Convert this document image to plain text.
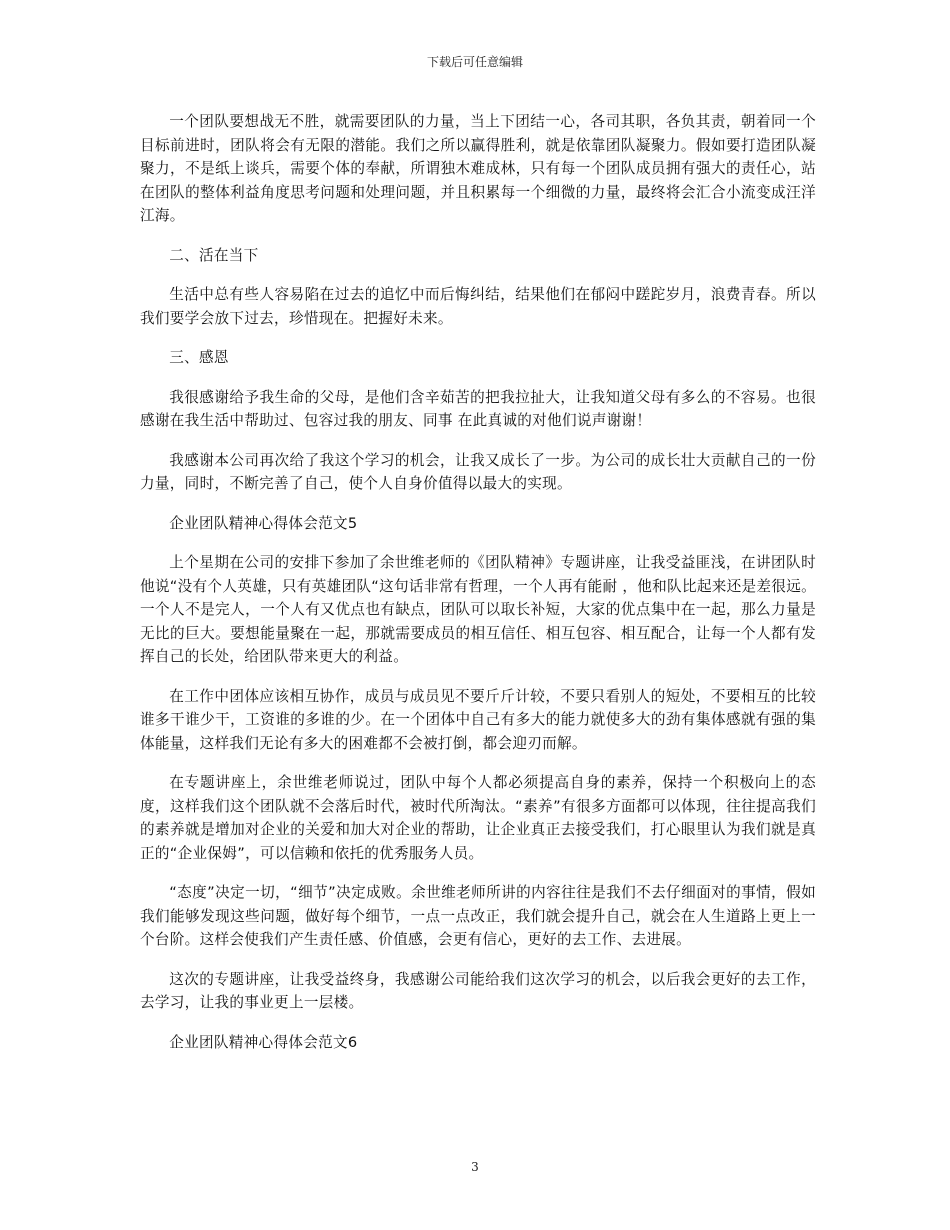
下载后可任意编辑

一个团队要想战无不胜，就需要团队的力量，当上下团结一心，各司其职，各负其责，朝着同一个目标前进时，团队将会有无限的潜能。我们之所以赢得胜利，就是依靠团队凝聚力。假如要打造团队凝聚力，不是纸上谈兵，需要个体的奉献，所谓独木难成林，只有每一个团队成员拥有强大的责任心，站在团队的整体利益角度思考问题和处理问题，并且积累每一个细微的力量，最终将会汇合小流变成汪洋江海。

二、活在当下

生活中总有些人容易陷在过去的追忆中而后悔纠结，结果他们在郁闷中蹉跎岁月，浪费青春。所以我们要学会放下过去，珍惜现在。把握好未来。

三、感恩

我很感谢给予我生命的父母，是他们含辛茹苦的把我拉扯大，让我知道父母有多么的不容易。也很感谢在我生活中帮助过、包容过我的朋友、同事 在此真诚的对他们说声谢谢！

我感谢本公司再次给了我这个学习的机会，让我又成长了一步。为公司的成长壮大贡献自己的一份力量，同时，不断完善了自己，使个人自身价值得以最大的实现。

企业团队精神心得体会范文5

上个星期在公司的安排下参加了余世维老师的《团队精神》专题讲座，让我受益匪浅，在讲团队时他说“没有个人英雄，只有英雄团队“这句话非常有哲理，一个人再有能耐 ，他和队比起来还是差很远。一个人不是完人，一个人有又优点也有缺点，团队可以取长补短，大家的优点集中在一起，那么力量是无比的巨大。要想能量聚在一起，那就需要成员的相互信任、相互包容、相互配合，让每一个人都有发挥自己的长处，给团队带来更大的利益。

在工作中团体应该相互协作，成员与成员见不要斤斤计较，不要只看别人的短处，不要相互的比较谁多干谁少干，工资谁的多谁的少。在一个团体中自己有多大的能力就使多大的劲有集体感就有强的集体能量，这样我们无论有多大的困难都不会被打倒，都会迎刃而解。

在专题讲座上，余世维老师说过，团队中每个人都必须提高自身的素养，保持一个积极向上的态度，这样我们这个团队就不会落后时代，被时代所淘汰。“素养”有很多方面都可以体现，往往提高我们的素养就是增加对企业的关爱和加大对企业的帮助，让企业真正去接受我们，打心眼里认为我们就是真正的“企业保姆”，可以信赖和依托的优秀服务人员。

“态度”决定一切，“细节”决定成败。余世维老师所讲的内容往往是我们不去仔细面对的事情，假如我们能够发现这些问题，做好每个细节，一点一点改正，我们就会提升自己，就会在人生道路上更上一个台阶。这样会使我们产生责任感、价值感，会更有信心，更好的去工作、去进展。

这次的专题讲座，让我受益终身，我感谢公司能给我们这次学习的机会，以后我会更好的去工作，去学习，让我的事业更上一层楼。

企业团队精神心得体会范文6

3
